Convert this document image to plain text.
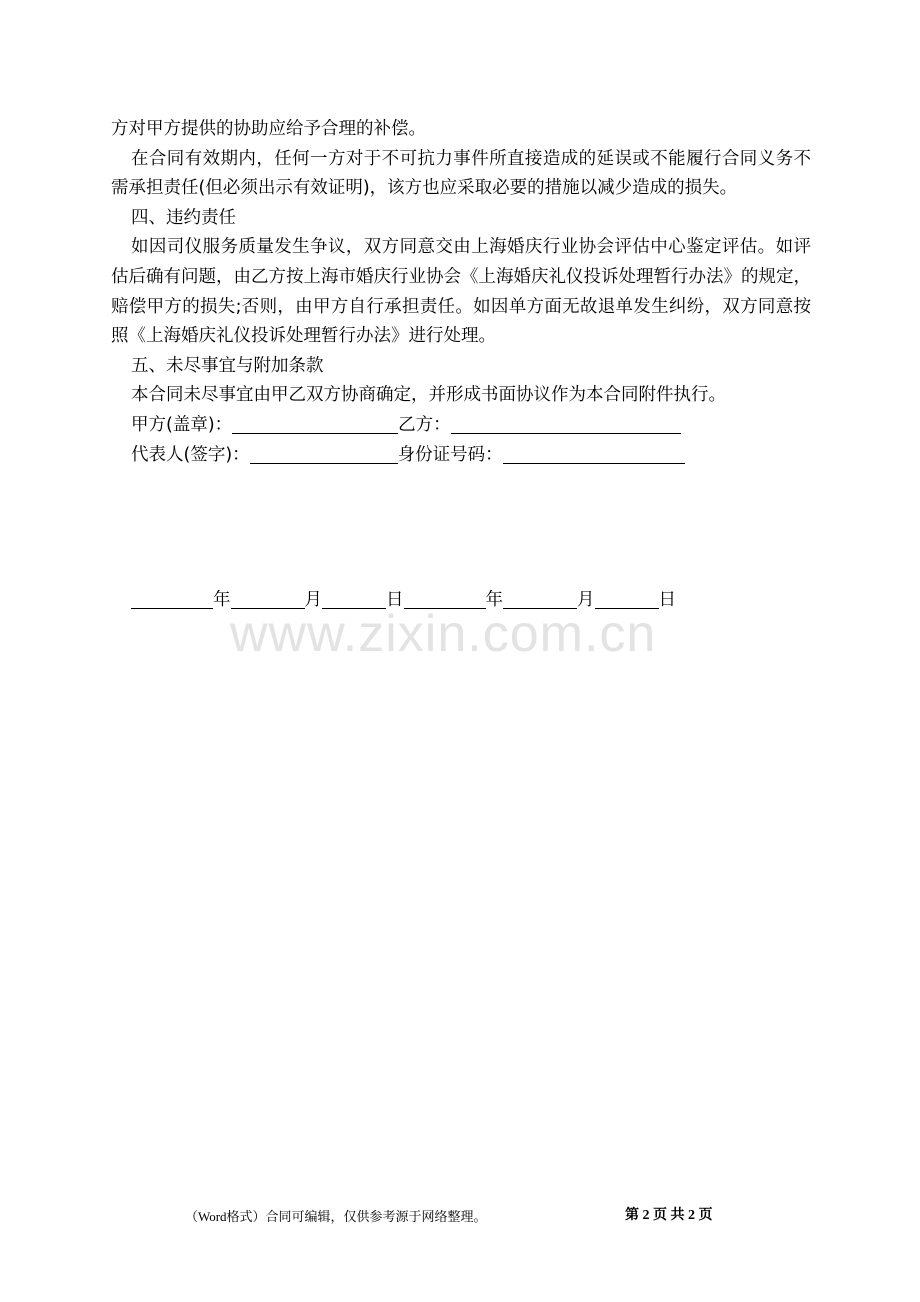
方对甲方提供的协助应给予合理的补偿。

在合同有效期内，任何一方对于不可抗力事件所直接造成的延误或不能履行合同义务不需承担责任(但必须出示有效证明)，该方也应采取必要的措施以减少造成的损失。

四、违约责任

如因司仪服务质量发生争议，双方同意交由上海婚庆行业协会评估中心鉴定评估。如评估后确有问题，由乙方按上海市婚庆行业协会《上海婚庆礼仪投诉处理暂行办法》的规定，赔偿甲方的损失;否则，由甲方自行承担责任。如因单方面无故退单发生纠纷，双方同意按照《上海婚庆礼仪投诉处理暂行办法》进行处理。

五、未尽事宜与附加条款

本合同未尽事宜由甲乙双方协商确定，并形成书面协议作为本合同附件执行。

甲方(盖章)：	乙方：
代表人(签字)：	身份证号码：
年	月	日	年	月	日
www.zixin.com.cn
（Word格式）合同可编辑，仅供参考源于网络整理。	第 2 页 共 2 页
